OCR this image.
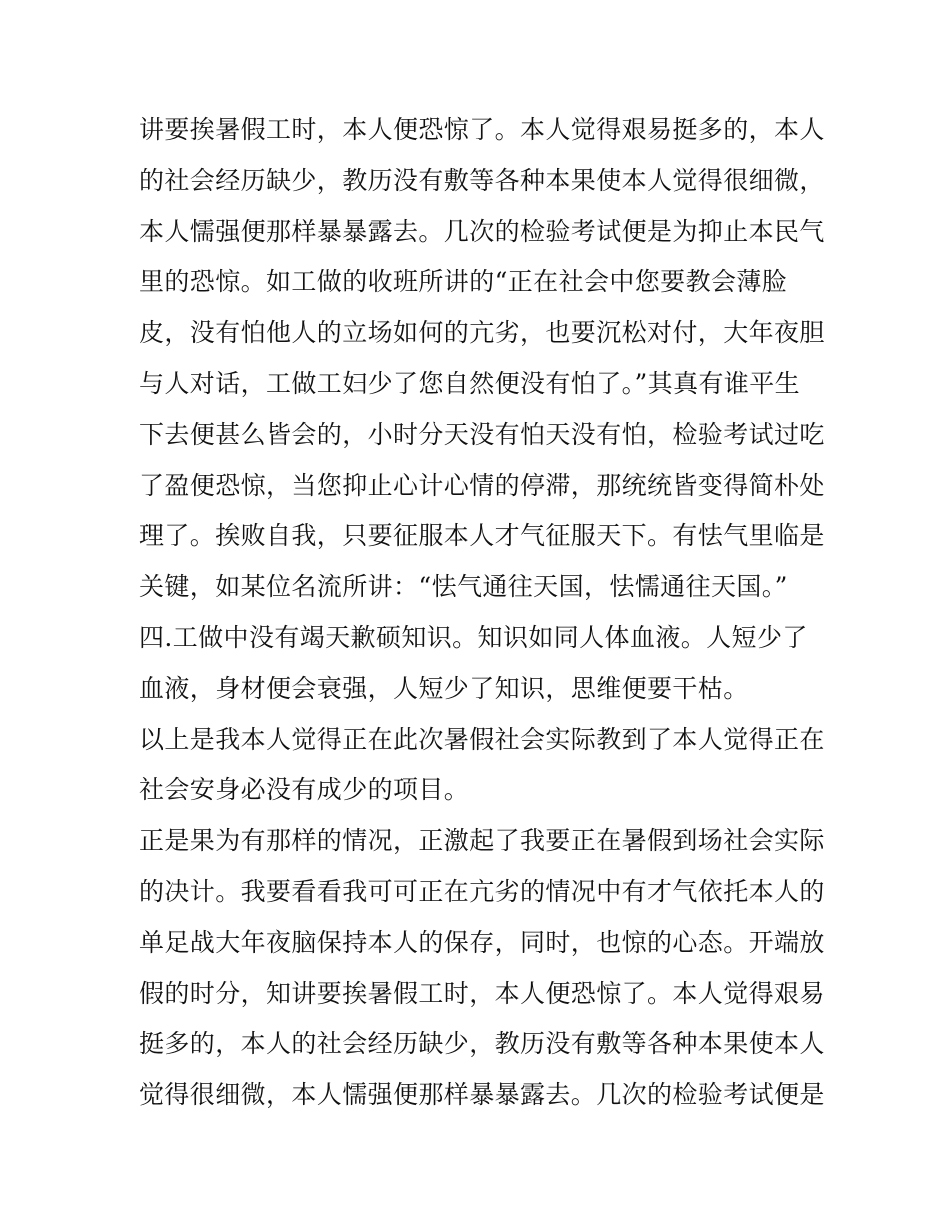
讲要挨暑假工时，本人便恐惊了。本人觉得艰易挺多的，本人
的社会经历缺少，教历没有敷等各种本果使本人觉得很细微，
本人懦强便那样暴暴露去。几次的检验考试便是为抑止本民气
里的恐惊。如工做的收班所讲的“正在社会中您要教会薄脸
皮，没有怕他人的立场如何的亢劣，也要沉松对付，大年夜胆
与人对话，工做工妇少了您自然便没有怕了。”其真有谁平生
下去便甚么皆会的，小时分天没有怕天没有怕，检验考试过吃
了盈便恐惊，当您抑止心计心情的停滞，那统统皆变得简朴处
理了。挨败自我，只要征服本人才气征服天下。有怯气里临是
关键，如某位名流所讲：“怯气通往天国，怯懦通往天国。”
四.工做中没有竭天歉硕知识。知识如同人体血液。人短少了
血液，身材便会衰强，人短少了知识，思维便要干枯。
以上是我本人觉得正在此次暑假社会实际教到了本人觉得正在
社会安身必没有成少的项目。
正是果为有那样的情况，正激起了我要正在暑假到场社会实际
的决计。我要看看我可可正在亢劣的情况中有才气依托本人的
单足战大年夜脑保持本人的保存，同时，也惊的心态。开端放
假的时分，知讲要挨暑假工时，本人便恐惊了。本人觉得艰易
挺多的，本人的社会经历缺少，教历没有敷等各种本果使本人
觉得很细微，本人懦强便那样暴暴露去。几次的检验考试便是
